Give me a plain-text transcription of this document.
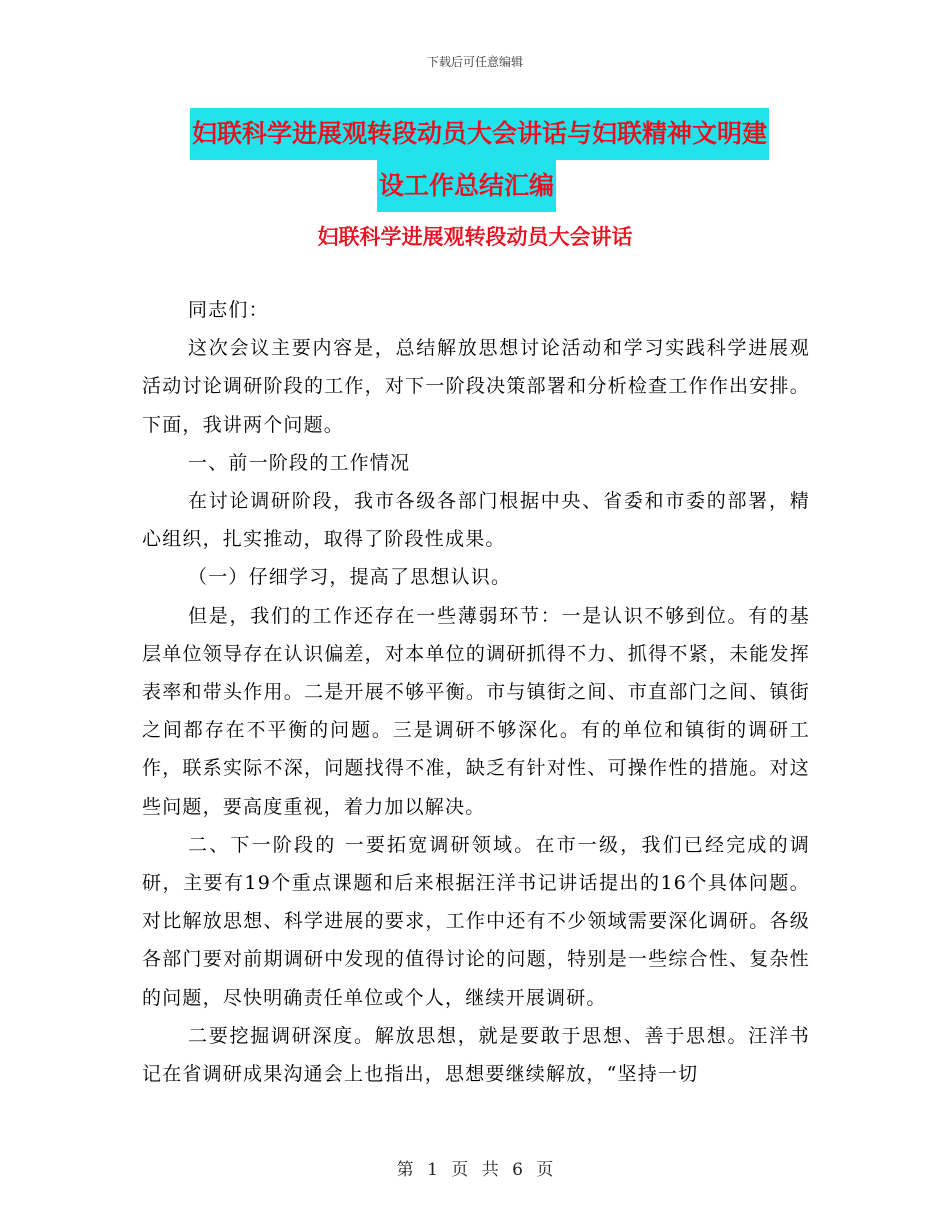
下载后可任意编辑
妇联科学进展观转段动员大会讲话与妇联精神文明建
设工作总结汇编
妇联科学进展观转段动员大会讲话

同志们：

这次会议主要内容是，总结解放思想讨论活动和学习实践科学进展观活动讨论调研阶段的工作，对下一阶段决策部署和分析检查工作作出安排。下面，我讲两个问题。

一、前一阶段的工作情况

在讨论调研阶段，我市各级各部门根据中央、省委和市委的部署，精心组织，扎实推动，取得了阶段性成果。

（一）仔细学习，提高了思想认识。

但是，我们的工作还存在一些薄弱环节：一是认识不够到位。有的基层单位领导存在认识偏差，对本单位的调研抓得不力、抓得不紧，未能发挥表率和带头作用。二是开展不够平衡。市与镇街之间、市直部门之间、镇街之间都存在不平衡的问题。三是调研不够深化。有的单位和镇街的调研工作，联系实际不深，问题找得不准，缺乏有针对性、可操作性的措施。对这些问题，要高度重视，着力加以解决。

二、下一阶段的 一要拓宽调研领域。在市一级，我们已经完成的调研，主要有19个重点课题和后来根据汪洋书记讲话提出的16个具体问题。对比解放思想、科学进展的要求，工作中还有不少领域需要深化调研。各级各部门要对前期调研中发现的值得讨论的问题，特别是一些综合性、复杂性的问题，尽快明确责任单位或个人，继续开展调研。

二要挖掘调研深度。解放思想，就是要敢于思想、善于思想。汪洋书记在省调研成果沟通会上也指出，思想要继续解放，“坚持一切

第 1 页 共 6 页
